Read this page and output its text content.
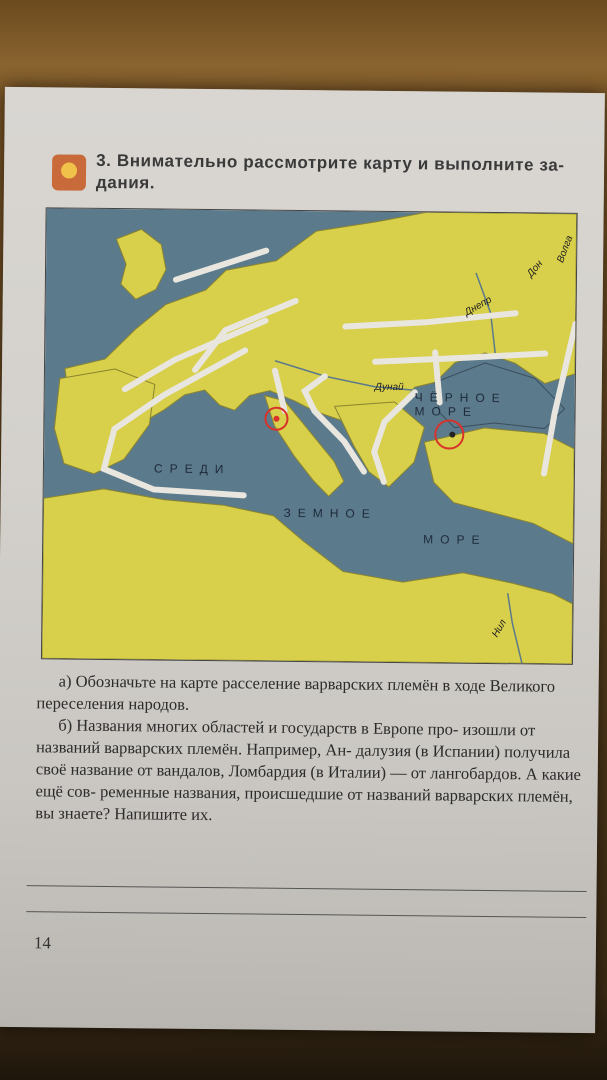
3. Внимательно рассмотрите карту и выполните за- дания.
ЧЁРНОЕ МОРЕ
СРЕДИ
ЗЕМНОЕ
МОРЕ
Дунай
Днепр
Дон
Волга
Нил

а) Обозначьте на карте расселение варварских племён в ходе Великого переселения народов.

б) Названия многих областей и государств в Европе про- изошли от названий варварских племён. Например, Ан- далузия (в Испании) получила своё название от вандалов, Ломбардия (в Италии) — от лангобардов. А какие ещё сов- ременные названия, происшедшие от названий варварских племён, вы знаете? Напишите их.

14
